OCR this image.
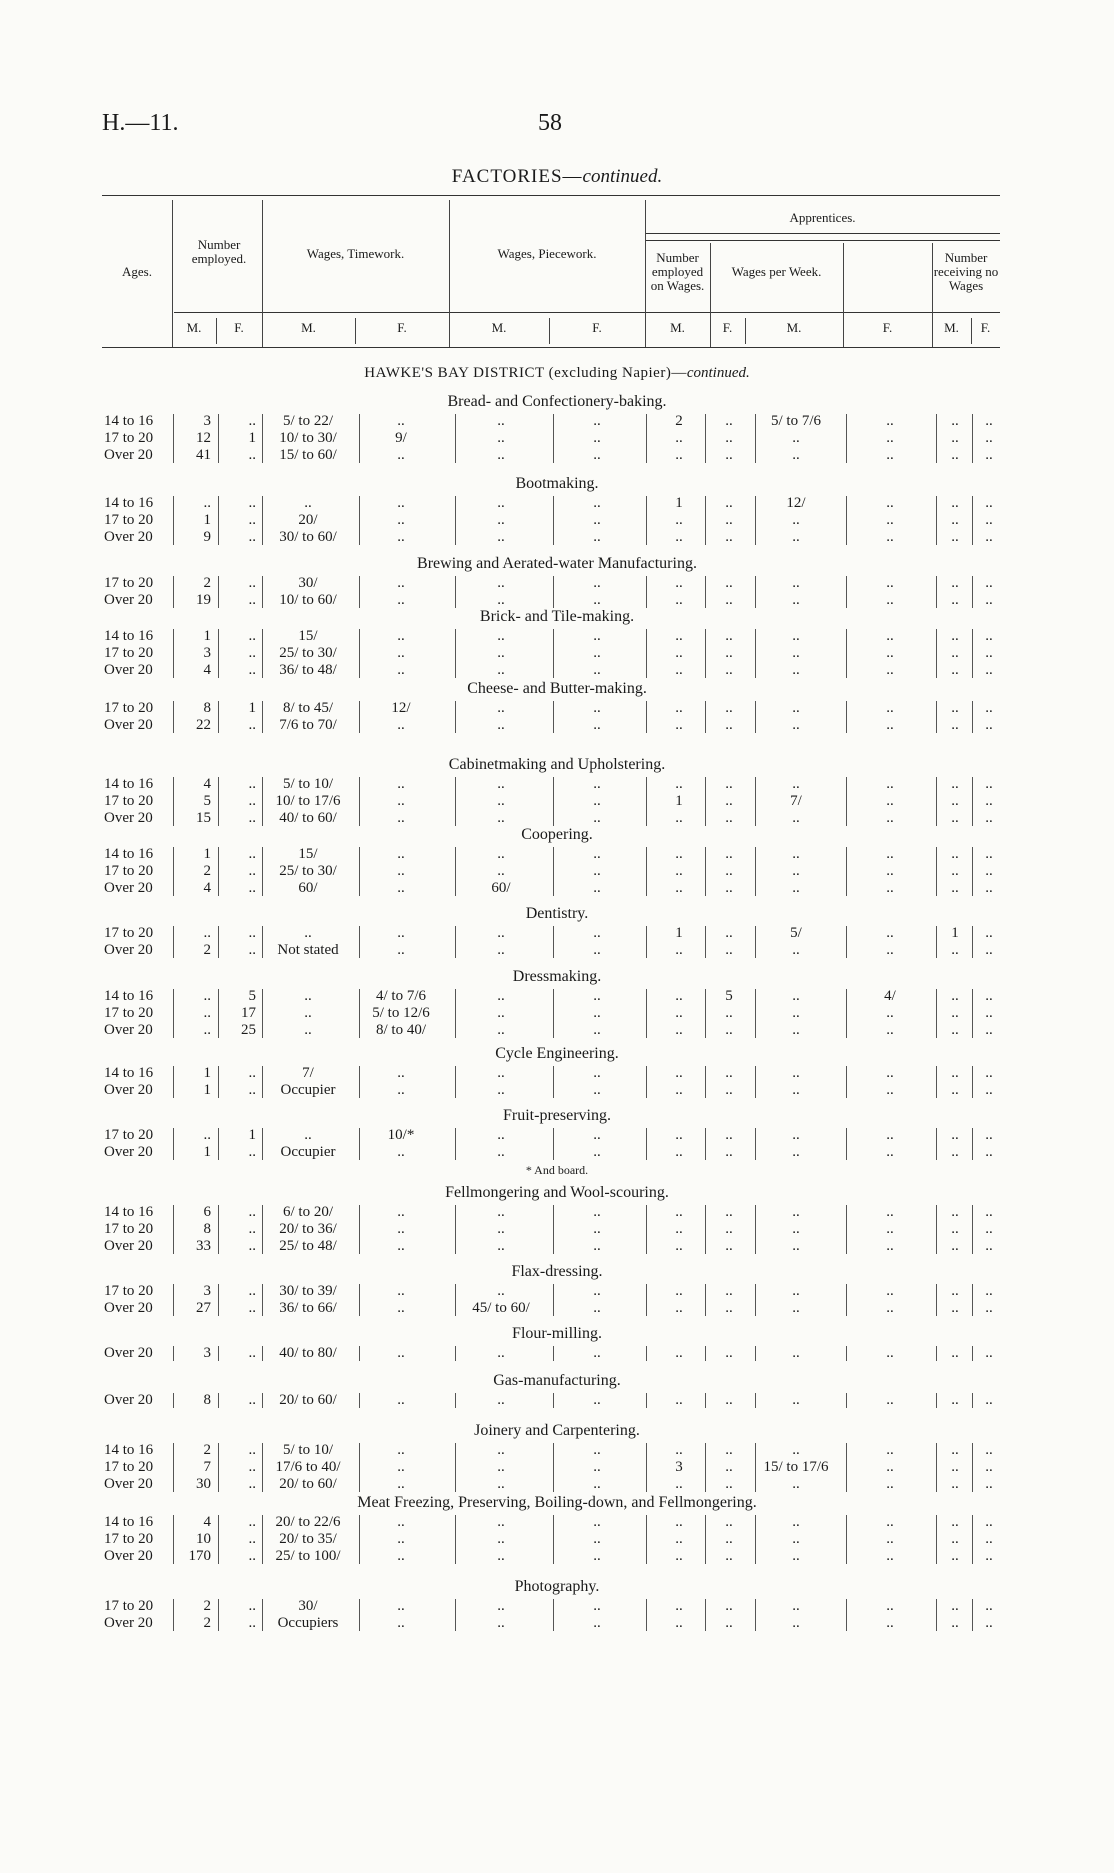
H.—11.	58
FACTORIES—continued.
Ages.
Number employed.	Wages, Timework.	Wages, Piecework.
Apprentices.
Number employed on Wages.
Wages per Week.
Number receiving no Wages
M.	F.	M.	F.	M.	F.	M.	F.	M.	F.	M.	F.
HAWKE'S BAY DISTRICT (excluding Napier)—continued.
Bread- and Confectionery-baking.
14 to 16	3	..	5/ to 22/	..	..	..	2	..	5/ to 7/6	..	..	..
17 to 20	12	1	10/ to 30/	9/	..	..	..	..	..	..	..	..
Over 20	41	..	15/ to 60/	..	..	..	..	..	..	..	..	..
Bootmaking.
14 to 16	..	..	..	..	..	..	1	..	12/	..	..	..
17 to 20	1	..	20/	..	..	..	..	..	..	..	..	..
Over 20	9	..	30/ to 60/	..	..	..	..	..	..	..	..	..
Brewing and Aerated-water Manufacturing.
17 to 20	2	..	30/	..	..	..	..	..	..	..	..	..
Over 20	19	..	10/ to 60/	..	..	..	..	..	..	..	..	..
Brick- and Tile-making.
14 to 16	1	..	15/	..	..	..	..	..	..	..	..	..
17 to 20	3	..	25/ to 30/	..	..	..	..	..	..	..	..	..
Over 20	4	..	36/ to 48/	..	..	..	..	..	..	..	..	..
Cheese- and Butter-making.
17 to 20	8	1	8/ to 45/	12/	..	..	..	..	..	..	..	..
Over 20	22	..	7/6 to 70/	..	..	..	..	..	..	..	..	..
Cabinetmaking and Upholstering.
14 to 16	4	..	5/ to 10/	..	..	..	..	..	..	..	..	..
17 to 20	5	..	10/ to 17/6	..	..	..	1	..	7/	..	..	..
Over 20	15	..	40/ to 60/	..	..	..	..	..	..	..	..	..
Coopering.
14 to 16	1	..	15/	..	..	..	..	..	..	..	..	..
17 to 20	2	..	25/ to 30/	..	..	..	..	..	..	..	..	..
Over 20	4	..	60/	..	60/	..	..	..	..	..	..	..
Dentistry.
17 to 20	..	..	..	..	..	..	1	..	5/	..	1	..
Over 20	2	..	Not stated	..	..	..	..	..	..	..	..	..
Dressmaking.
14 to 16	..	5	..	4/ to 7/6	..	..	..	5	..	4/	..	..
17 to 20	..	17	..	5/ to 12/6	..	..	..	..	..	..	..	..
Over 20	..	25	..	8/ to 40/	..	..	..	..	..	..	..	..
Cycle Engineering.
14 to 16	1	..	7/	..	..	..	..	..	..	..	..	..
Over 20	1	..	Occupier	..	..	..	..	..	..	..	..	..
Fruit-preserving.
17 to 20	..	1	..	10/*	..	..	..	..	..	..	..	..
Over 20	1	..	Occupier	..	..	..	..	..	..	..	..	..
* And board.
Fellmongering and Wool-scouring.
14 to 16	6	..	6/ to 20/	..	..	..	..	..	..	..	..	..
17 to 20	8	..	20/ to 36/	..	..	..	..	..	..	..	..	..
Over 20	33	..	25/ to 48/	..	..	..	..	..	..	..	..	..
Flax-dressing.
17 to 20	3	..	30/ to 39/	..	..	..	..	..	..	..	..	..
Over 20	27	..	36/ to 66/	..	45/ to 60/	..	..	..	..	..	..	..
Flour-milling.
Over 20	3	..	40/ to 80/	..	..	..	..	..	..	..	..	..
Gas-manufacturing.
Over 20	8	..	20/ to 60/	..	..	..	..	..	..	..	..	..
Joinery and Carpentering.
14 to 16	2	..	5/ to 10/	..	..	..	..	..	..	..	..	..
17 to 20	7	..	17/6 to 40/	..	..	..	3	..	15/ to 17/6	..	..	..
Over 20	30	..	20/ to 60/	..	..	..	..	..	..	..	..	..
Meat Freezing, Preserving, Boiling-down, and Fellmongering.
14 to 16	4	..	20/ to 22/6	..	..	..	..	..	..	..	..	..
17 to 20	10	..	20/ to 35/	..	..	..	..	..	..	..	..	..
Over 20	170	..	25/ to 100/	..	..	..	..	..	..	..	..	..
Photography.
17 to 20	2	..	30/	..	..	..	..	..	..	..	..	..
Over 20	2	..	Occupiers	..	..	..	..	..	..	..	..	..
